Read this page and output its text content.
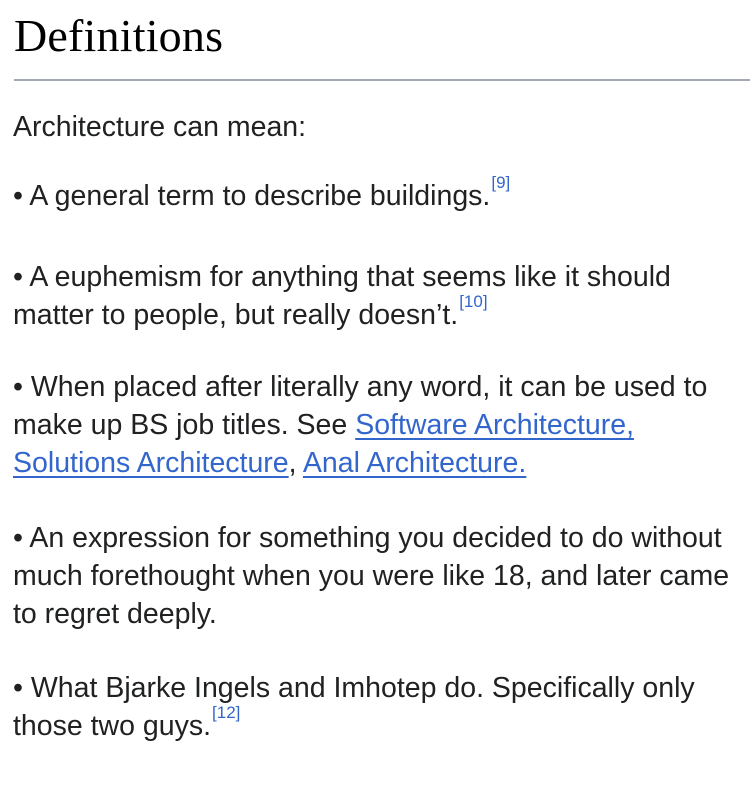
Definitions

Architecture can mean:

• A general term to describe buildings.[9]

• A euphemism for anything that seems like it should matter to people, but really doesn’t.[10]

• When placed after literally any word, it can be used to make up BS job titles. See Software Architecture, Solutions Architecture, Anal Architecture.

• An expression for something you decided to do without much forethought when you were like 18, and later came to regret deeply.

• What Bjarke Ingels and Imhotep do. Specifically only those two guys.[12]
